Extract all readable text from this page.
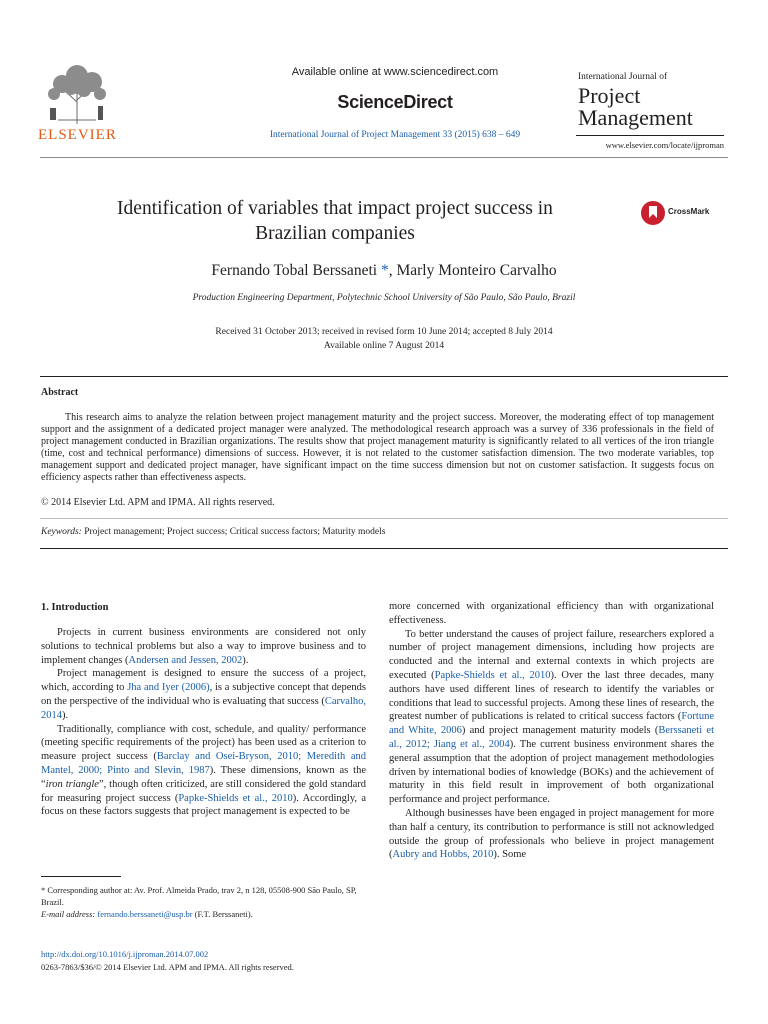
ELSEVIER
Available online at www.sciencedirect.com
ScienceDirect
International Journal of Project Management 33 (2015) 638 – 649
International Journal of
Project
Management
www.elsevier.com/locate/ijproman
Identification of variables that impact project success in
Brazilian companies
CrossMark
Fernando Tobal Berssaneti *, Marly Monteiro Carvalho
Production Engineering Department, Polytechnic School University of São Paulo, São Paulo, Brazil
Received 31 October 2013; received in revised form 10 June 2014; accepted 8 July 2014
Available online 7 August 2014
Abstract

This research aims to analyze the relation between project management maturity and the project success. Moreover, the moderating effect of top management support and the assignment of a dedicated project manager were analyzed. The methodological research approach was a survey of 336 professionals in the field of project management conducted in Brazilian organizations. The results show that project management maturity is significantly related to all vertices of the iron triangle (time, cost and technical performance) dimensions of success. However, it is not related to the customer satisfaction dimension. The two moderate variables, top management support and dedicated project manager, have significant impact on the time success dimension but not on customer satisfaction. It suggests focus on efficiency aspects rather than effectiveness aspects.

© 2014 Elsevier Ltd. APM and IPMA. All rights reserved.
Keywords: Project management; Project success; Critical success factors; Maturity models
1. Introduction

Projects in current business environments are considered not only solutions to technical problems but also a way to improve business and to implement changes (Andersen and Jessen, 2002).

Project management is designed to ensure the success of a project, which, according to Jha and Iyer (2006), is a subjective concept that depends on the perspective of the individual who is evaluating that success (Carvalho, 2014).

Traditionally, compliance with cost, schedule, and quality/ performance (meeting specific requirements of the project) has been used as a criterion to measure project success (Barclay and Osei-Bryson, 2010; Meredith and Mantel, 2000; Pinto and Slevin, 1987). These dimensions, known as the “iron triangle”, though often criticized, are still considered the gold standard for measuring project success (Papke-Shields et al., 2010). Accordingly, a focus on these factors suggests that project management is expected to be

more concerned with organizational efficiency than with organizational effectiveness.

To better understand the causes of project failure, researchers explored a number of project management dimensions, including how projects are conducted and the internal and external contexts in which projects are executed (Papke-Shields et al., 2010). Over the last three decades, many authors have used different lines of research to identify the variables or conditions that lead to successful projects. Among these lines of research, the greatest number of publications is related to critical success factors (Fortune and White, 2006) and project management maturity models (Berssaneti et al., 2012; Jiang et al., 2004). The current business environment shares the general assumption that the adoption of project management methodologies driven by international bodies of knowledge (BOKs) and the achievement of maturity in this field result in improvement of both organizational performance and project performance.

Although businesses have been engaged in project management for more than half a century, its contribution to performance is still not acknowledged outside the group of professionals who believe in project management (Aubry and Hobbs, 2010). Some

* Corresponding author at: Av. Prof. Almeida Prado, trav 2, n 128, 05508-900 São Paulo, SP, Brazil.

E-mail address: fernando.berssaneti@usp.br (F.T. Berssaneti).

http://dx.doi.org/10.1016/j.ijproman.2014.07.002
0263-7863/$36/© 2014 Elsevier Ltd. APM and IPMA. All rights reserved.
